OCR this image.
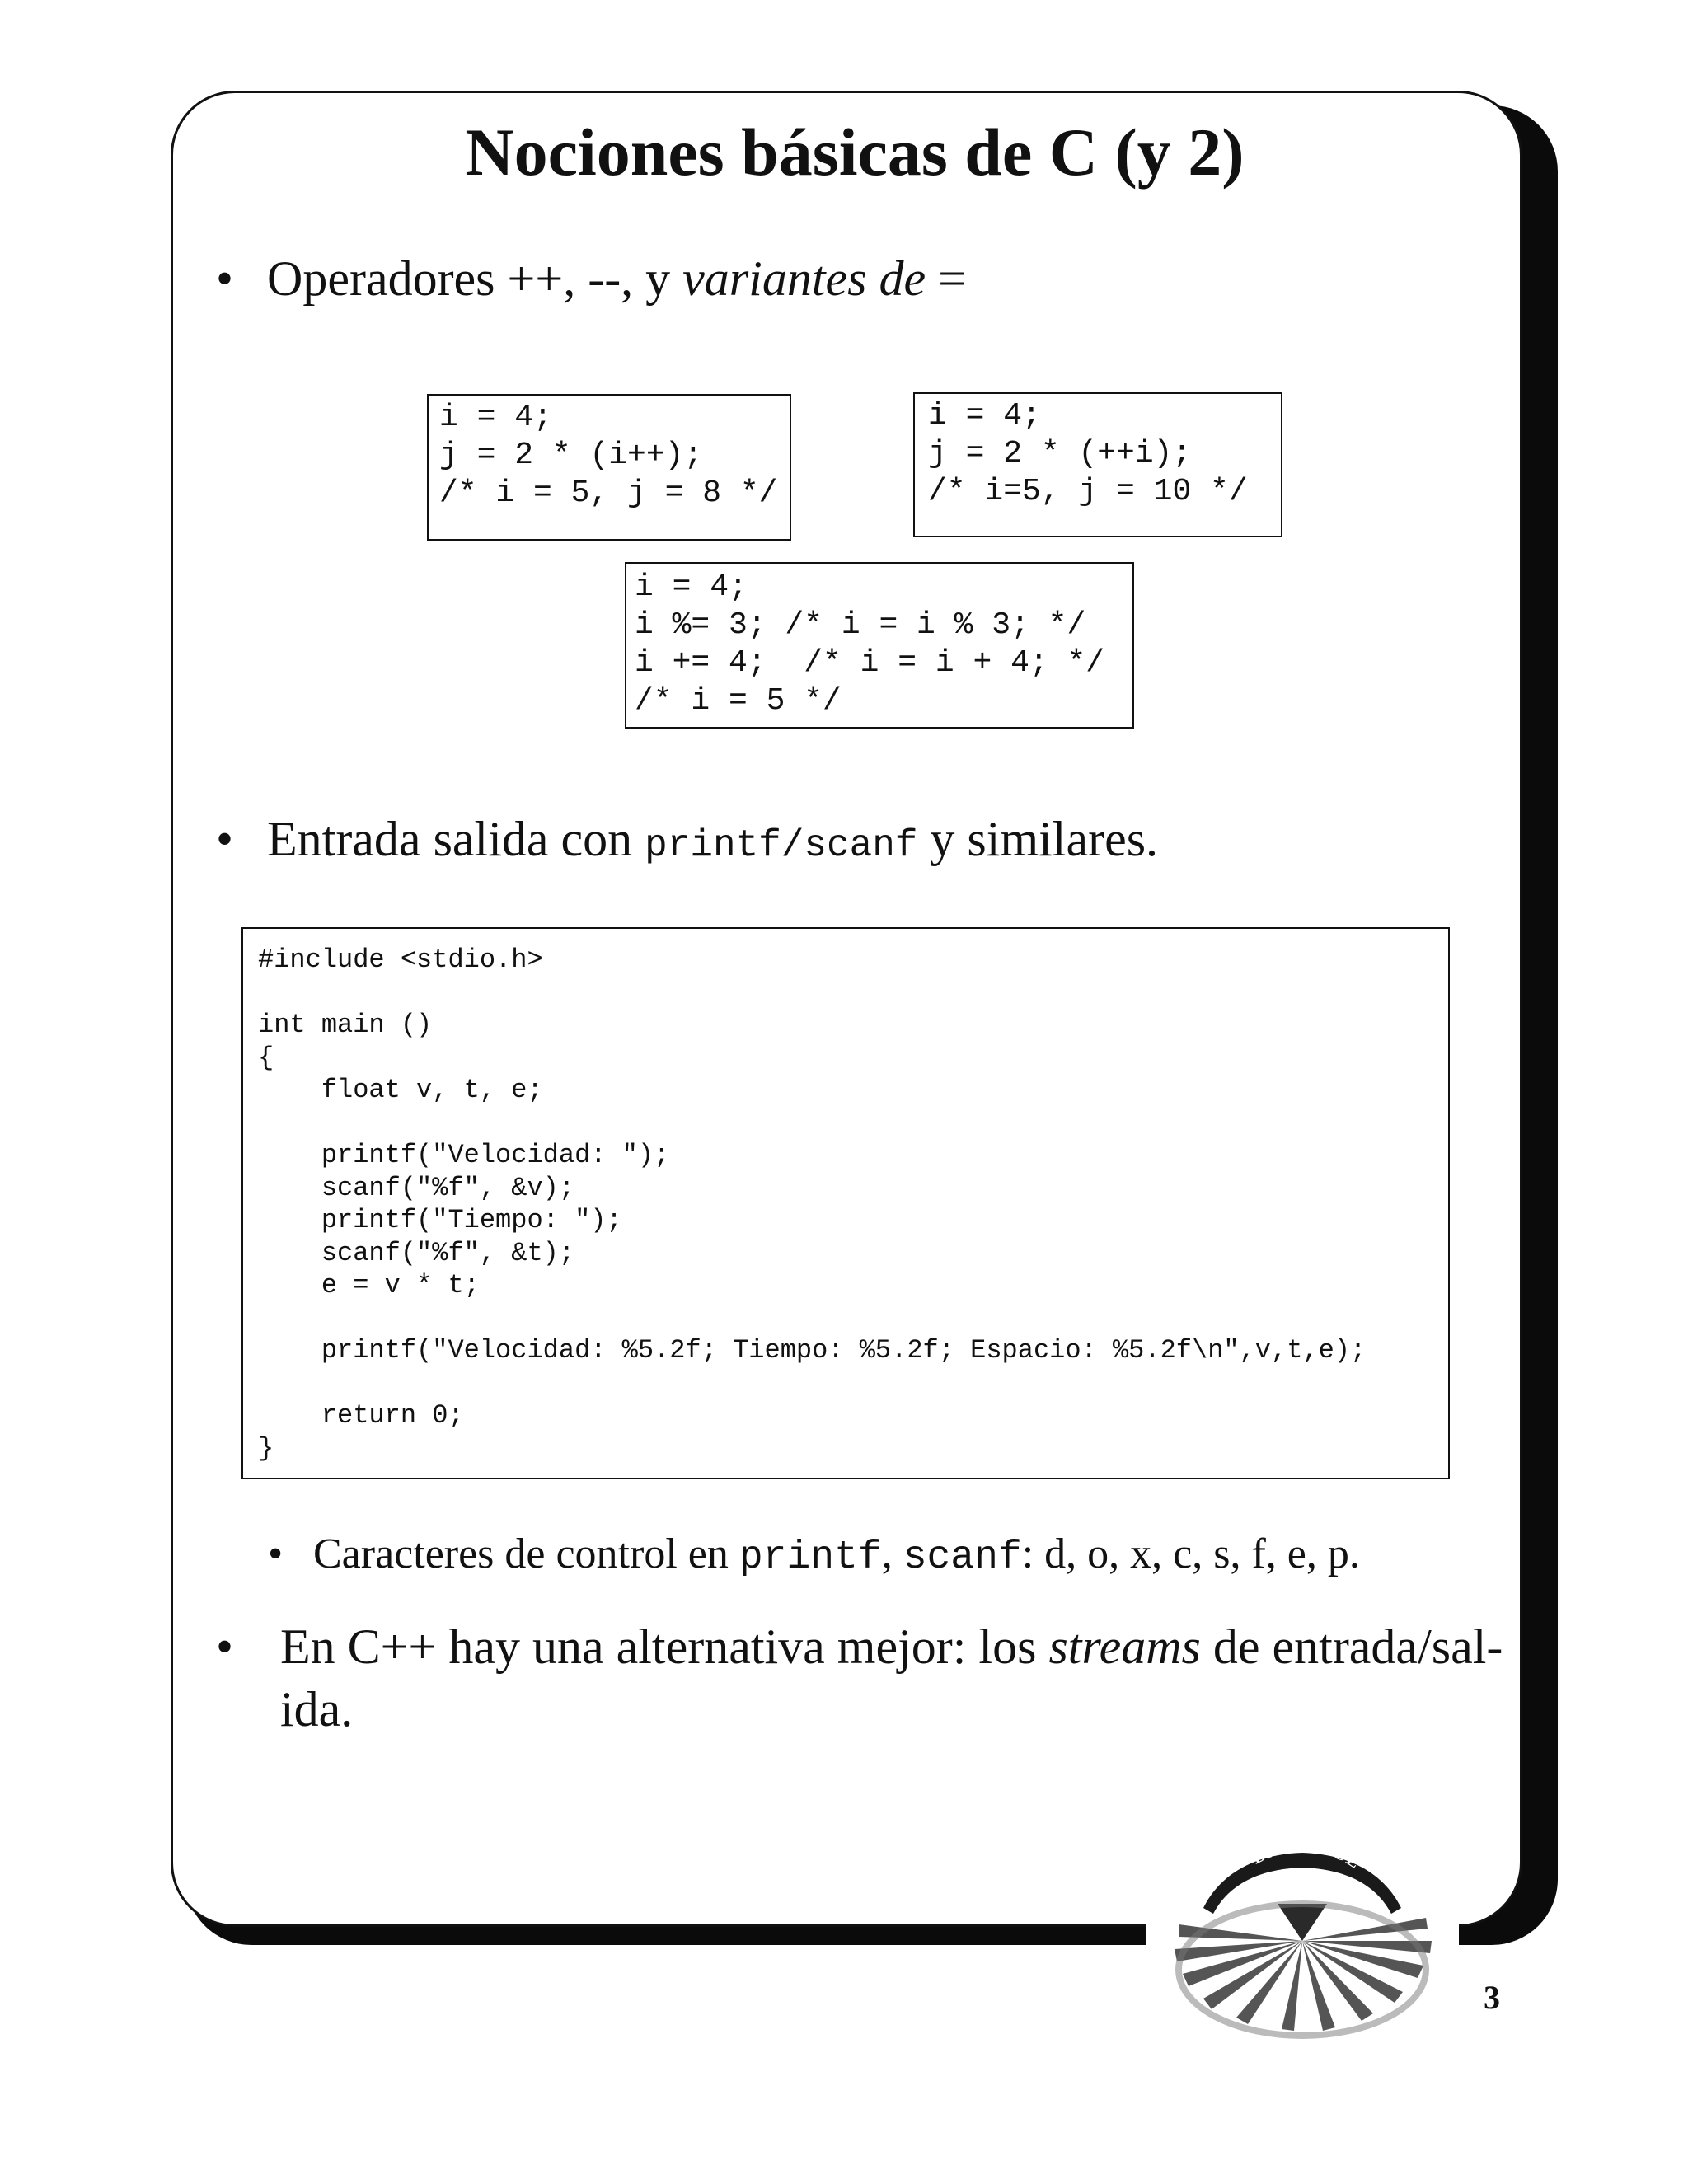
Nociones básicas de C (y 2)
• Operadores ++, --, y variantes de =
i = 4;
j = 2 * (i++);
/* i = 5, j = 8 */
i = 4;
j = 2 * (++i);
/* i=5, j = 10 */
i = 4;
i %= 3; /* i = i % 3; */
i += 4;  /* i = i + 4; */
/* i = 5 */
• Entrada salida con printf/scanf y similares.
#include <stdio.h>

int main ()
{
float v, t, e;

printf("Velocidad: ");
scanf("%f", &v);
printf("Tiempo: ");
scanf("%f", &t);
e = v * t;

printf("Velocidad: %5.2f; Tiempo: %5.2f; Espacio: %5.2f\n",v,t,e);

return 0;
}
• Caracteres de control en printf, scanf: d, o, x, c, s, f, e, p.
• En C++ hay una alternativa mejor: los streams de entrada/sal-
ida.
BAC LUCE
3
